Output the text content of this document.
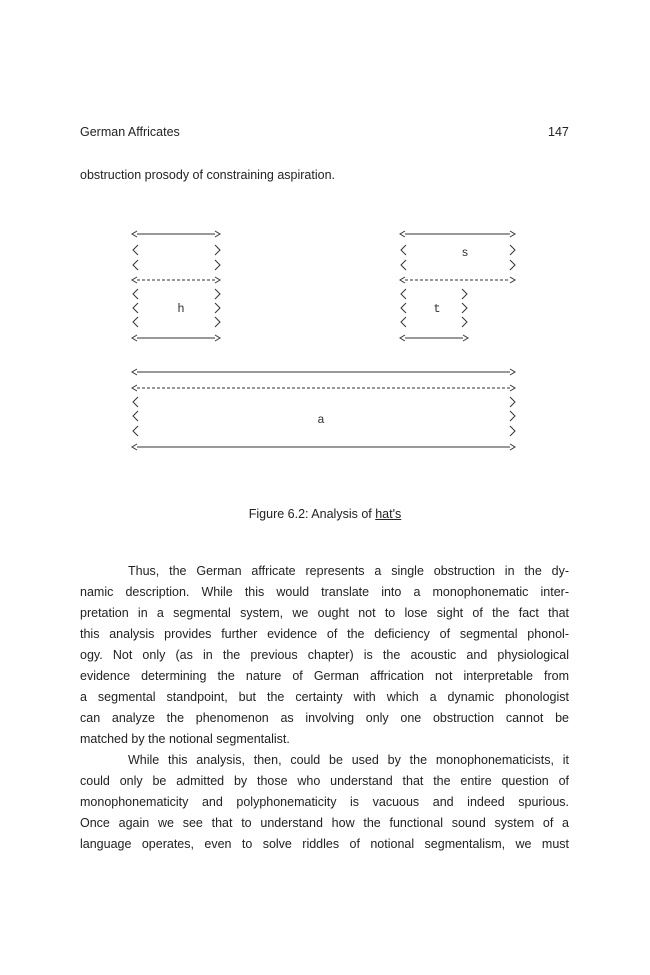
German Affricates	147

obstruction prosody of constraining aspiration.

h
s
t
a
Figure 6.2: Analysis of hat's

Thus, the German affricate represents a single obstruction in the dy-

namic description. While this would translate into a monophonematic inter-

pretation in a segmental system, we ought not to lose sight of the fact that

this analysis provides further evidence of the deficiency of segmental phonol-

ogy. Not only (as in the previous chapter) is the acoustic and physiological

evidence determining the nature of German affrication not interpretable from

a segmental standpoint, but the certainty with which a dynamic phonologist

can analyze the phenomenon as involving only one obstruction cannot be

matched by the notional segmentalist.

While this analysis, then, could be used by the monophonematicists, it

could only be admitted by those who understand that the entire question of

monophonematicity and polyphonematicity is vacuous and indeed spurious.

Once again we see that to understand how the functional sound system of a

language operates, even to solve riddles of notional segmentalism, we must
